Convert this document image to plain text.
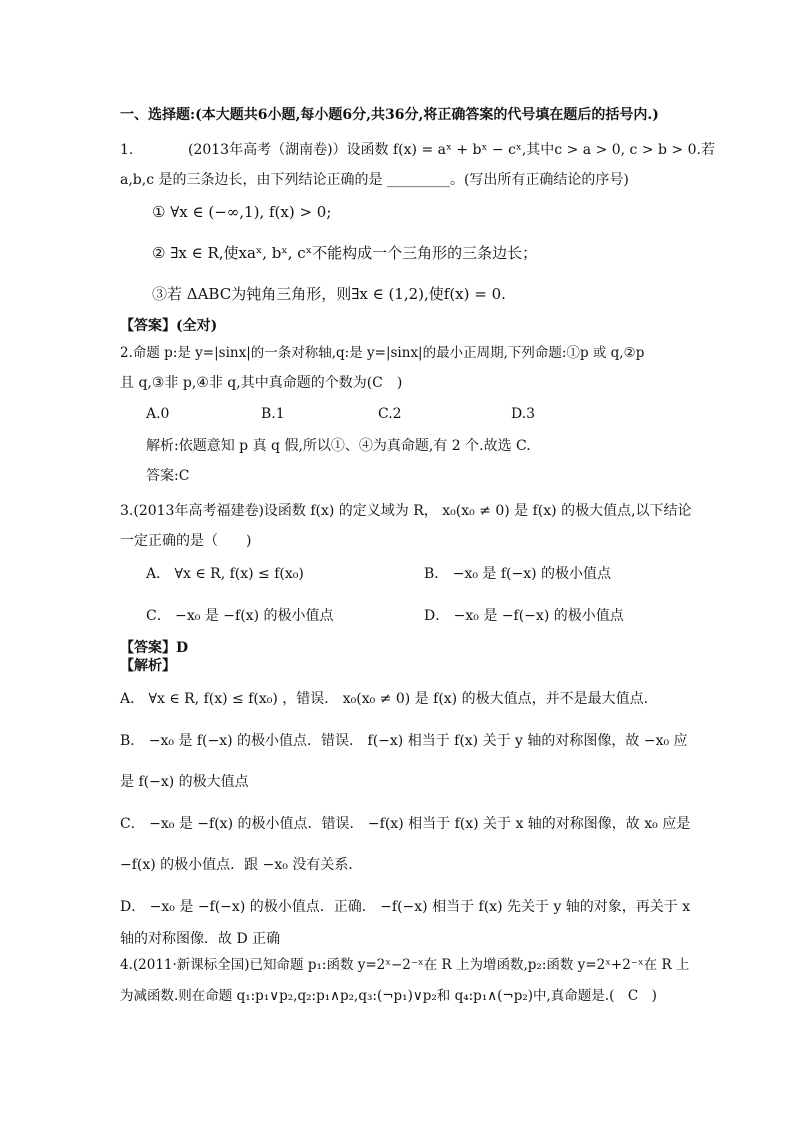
一、选择题:(本大题共6小题,每小题6分,共36分,将正确答案的代号填在题后的括号内.)
1.	(2013年高考（湖南卷)）设函数 f(x) = aˣ + bˣ − cˣ,其中c > a > 0, c > b > 0.若
a,b,c 是的三条边长，由下列结论正确的是 _________。(写出所有正确结论的序号)
① ∀x ∈ (−∞,1), f(x) > 0;
② ∃x ∈ R,使xaˣ, bˣ, cˣ不能构成一个三角形的三条边长；
③若 ΔABC为钝角三角形，则∃x ∈ (1,2),使f(x) = 0.
【答案】(全对)
2.命题 p:是 y=|sinx|的一条对称轴,q:是 y=|sinx|的最小正周期,下列命题:①p 或 q,②p
且 q,③非 p,④非 q,其中真命题的个数为(C　)
A.0	B.1	C.2	D.3
解析:依题意知 p 真 q 假,所以①、④为真命题,有 2 个.故选 C.
答案:C
3.(2013年高考福建卷)设函数 f(x) 的定义域为 R， x₀(x₀ ≠ 0) 是 f(x) 的极大值点,以下结论
一定正确的是（　　)
A． ∀x ∈ R, f(x) ≤ f(x₀)	B． −x₀ 是 f(−x) 的极小值点
C． −x₀ 是 −f(x) 的极小值点	D． −x₀ 是 −f(−x) 的极小值点
【答案】D
【解析】
A． ∀x ∈ R, f(x) ≤ f(x₀) ，错误． x₀(x₀ ≠ 0) 是 f(x) 的极大值点，并不是最大值点．
B． −x₀ 是 f(−x) 的极小值点．错误． f(−x) 相当于 f(x) 关于 y 轴的对称图像，故 −x₀ 应
是 f(−x) 的极大值点
C． −x₀ 是 −f(x) 的极小值点．错误． −f(x) 相当于 f(x) 关于 x 轴的对称图像，故 x₀ 应是
−f(x) 的极小值点．跟 −x₀ 没有关系．
D． −x₀ 是 −f(−x) 的极小值点．正确． −f(−x) 相当于 f(x) 先关于 y 轴的对象，再关于 x
轴的对称图像．故 D 正确
4.(2011·新课标全国)已知命题 p₁:函数 y=2ˣ−2⁻ˣ在 R 上为增函数,p₂:函数 y=2ˣ+2⁻ˣ在 R 上
为减函数.则在命题 q₁:p₁∨p₂,q₂:p₁∧p₂,q₃:(¬p₁)∨p₂和 q₄:p₁∧(¬p₂)中,真命题是.(　C　)
